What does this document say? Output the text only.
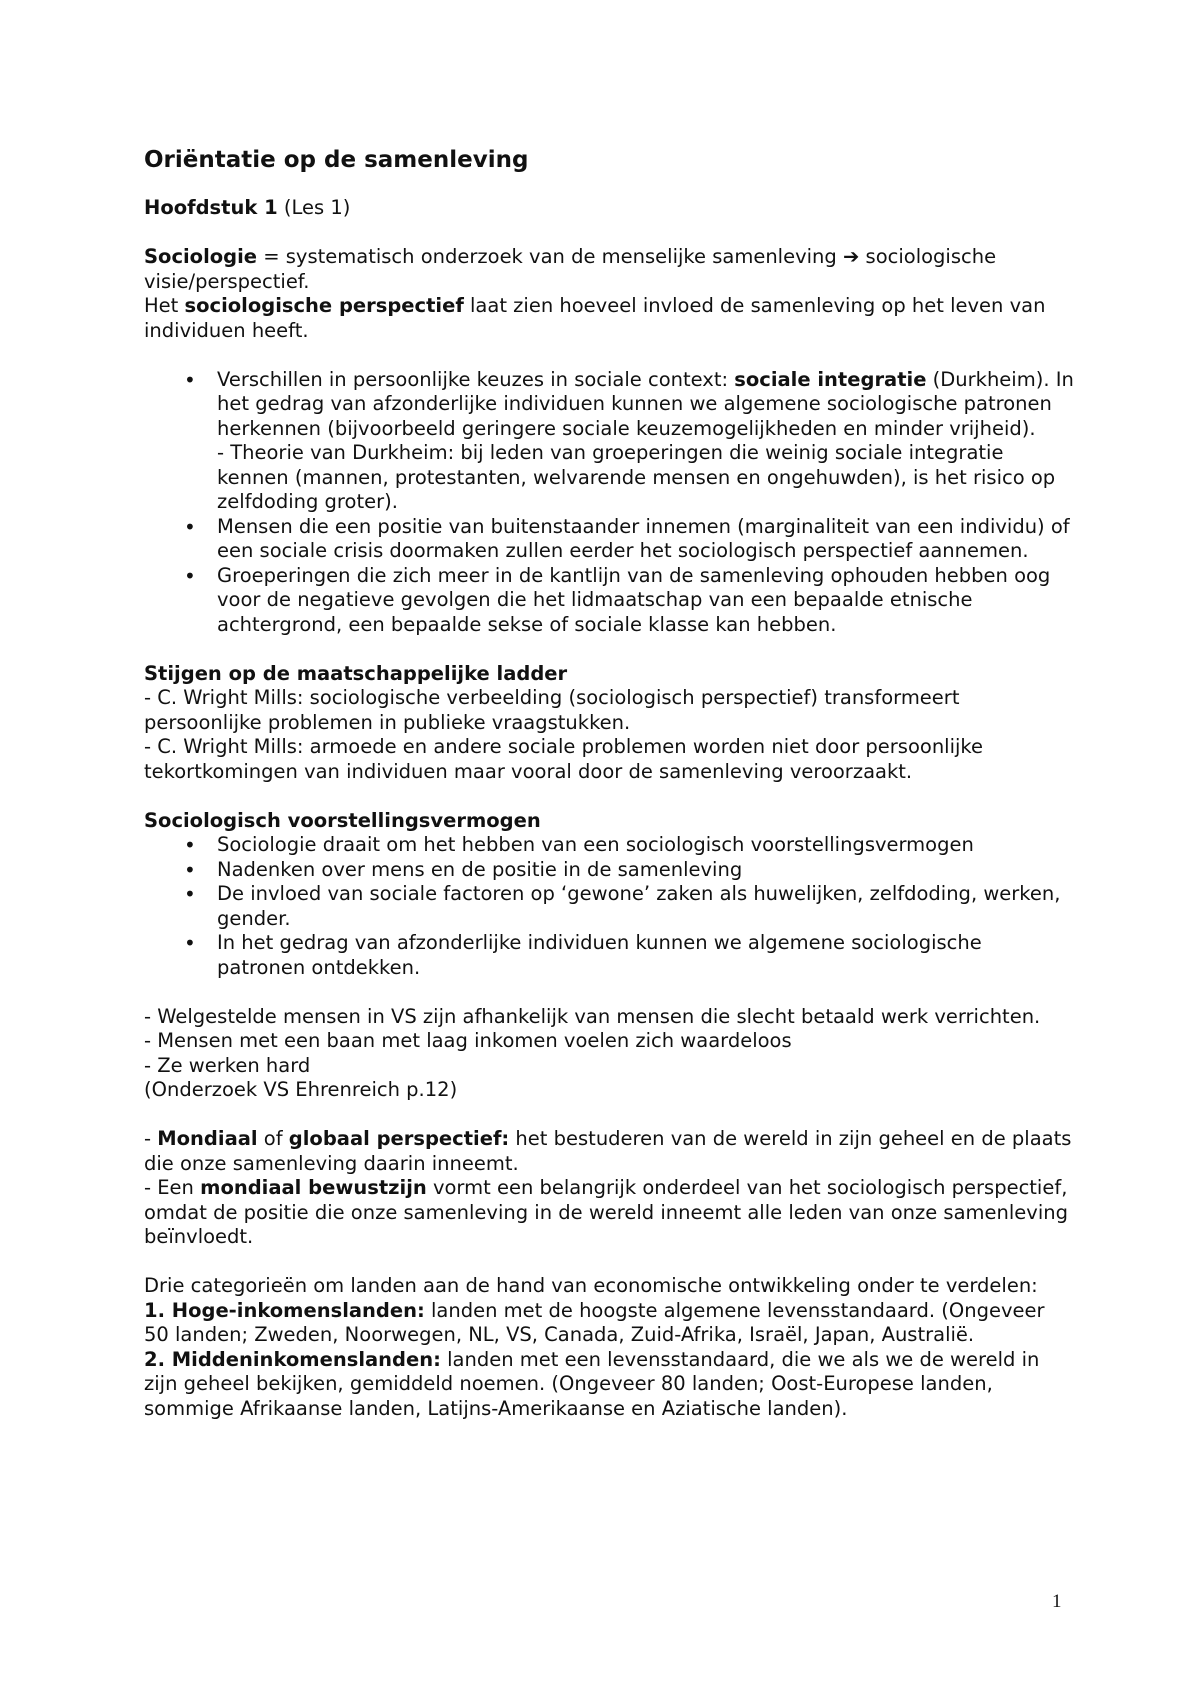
Oriëntatie op de samenleving

Hoofdstuk 1 (Les 1)

Sociologie = systematisch onderzoek van de menselijke samenleving ➔ sociologische visie/perspectief.

Het sociologische perspectief laat zien hoeveel invloed de samenleving op het leven van individuen heeft.

• Verschillen in persoonlijke keuzes in sociale context: sociale integratie (Durkheim). In het gedrag van afzonderlijke individuen kunnen we algemene sociologische patronen herkennen (bijvoorbeeld geringere sociale keuzemogelijkheden en minder vrijheid).
- Theorie van Durkheim: bij leden van groeperingen die weinig sociale integratie kennen (mannen, protestanten, welvarende mensen en ongehuwden), is het risico op zelfdoding groter).
• Mensen die een positie van buitenstaander innemen (marginaliteit van een individu) of een sociale crisis doormaken zullen eerder het sociologisch perspectief aannemen.
• Groeperingen die zich meer in de kantlijn van de samenleving ophouden hebben oog voor de negatieve gevolgen die het lidmaatschap van een bepaalde etnische achtergrond, een bepaalde sekse of sociale klasse kan hebben.

Stijgen op de maatschappelijke ladder

- C. Wright Mills: sociologische verbeelding (sociologisch perspectief) transformeert persoonlijke problemen in publieke vraagstukken.

- C. Wright Mills: armoede en andere sociale problemen worden niet door persoonlijke tekortkomingen van individuen maar vooral door de samenleving veroorzaakt.

Sociologisch voorstellingsvermogen

• Sociologie draait om het hebben van een sociologisch voorstellingsvermogen
• Nadenken over mens en de positie in de samenleving
• De invloed van sociale factoren op ‘gewone’ zaken als huwelijken, zelfdoding, werken, gender.
• In het gedrag van afzonderlijke individuen kunnen we algemene sociologische patronen ontdekken.

- Welgestelde mensen in VS zijn afhankelijk van mensen die slecht betaald werk verrichten.

- Mensen met een baan met laag inkomen voelen zich waardeloos

- Ze werken hard

(Onderzoek VS Ehrenreich p.12)

- Mondiaal of globaal perspectief: het bestuderen van de wereld in zijn geheel en de plaats die onze samenleving daarin inneemt.

- Een mondiaal bewustzijn vormt een belangrijk onderdeel van het sociologisch perspectief, omdat de positie die onze samenleving in de wereld inneemt alle leden van onze samenleving beïnvloedt.

Drie categorieën om landen aan de hand van economische ontwikkeling onder te verdelen:

1. Hoge-inkomenslanden: landen met de hoogste algemene levensstandaard. (Ongeveer 50 landen; Zweden, Noorwegen, NL, VS, Canada, Zuid-Afrika, Israël, Japan, Australië.

2. Middeninkomenslanden: landen met een levensstandaard, die we als we de wereld in zijn geheel bekijken, gemiddeld noemen. (Ongeveer 80 landen; Oost-Europese landen, sommige Afrikaanse landen, Latijns-Amerikaanse en Aziatische landen).

1
